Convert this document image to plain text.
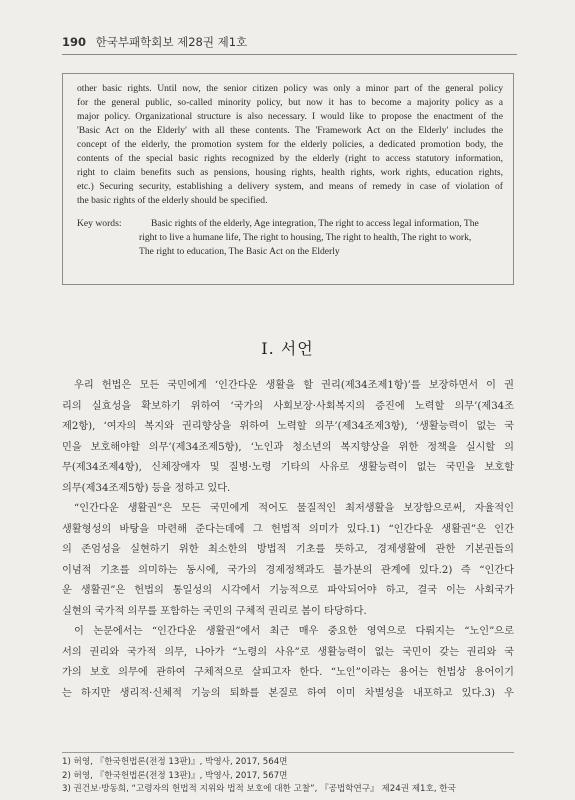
190 한국부패학회보 제28권 제1호

other basic rights. Until now, the senior citizen policy was only a minor part of the general policy
for the general public, so-called minority policy, but now it has to become a majority policy as a
major policy. Organizational structure is also necessary. I would like to propose the enactment of the
'Basic Act on the Elderly' with all these contents. The 'Framework Act on the Elderly' includes the
concept of the elderly, the promotion system for the elderly policies, a dedicated promotion body, the
contents of the special basic rights recognized by the elderly (right to access statutory information,
right to claim benefits such as pensions, housing rights, health rights, work rights, education rights,
etc.) Securing security, establishing a delivery system, and means of remedy in case of violation of
the basic rights of the elderly should be specified.

Key words:	Basic rights of the elderly, Age integration, The right to access legal information, The
right to live a humane life, The right to housing, The right to health, The right to work,
The right to education, The Basic Act on the Elderly
Ⅰ. 서언
우리 헌법은 모든 국민에게 ‘인간다운 생활을 할 권리(제34조제1항)’를 보장하면서 이 권
리의 실효성을 확보하기 위하여 ‘국가의 사회보장·사회복지의 증진에 노력할 의무’(제34조
제2항), ‘여자의 복지와 권리향상을 위하여 노력할 의무’(제34조제3항), ‘생활능력이 없는 국
민을 보호해야할 의무’(제34조제5항), ‘노인과 청소년의 복지향상을 위한 정책을 실시할 의
무(제34조제4항), 신체장애자 및 질병·노령 기타의 사유로 생활능력이 없는 국민을 보호할
의무(제34조제5항) 등을 정하고 있다.
“인간다운 생활권”은 모든 국민에게 적어도 물질적인 최저생활을 보장함으로써, 자율적인
생활형성의 바탕을 마련해 준다는데에 그 헌법적 의미가 있다.1) “인간다운 생활권”은 인간
의 존엄성을 실현하기 위한 최소한의 방법적 기초를 뜻하고, 경제생활에 관한 기본권들의
이념적 기초를 의미하는 동시에, 국가의 경제정책과도 불가분의 관계에 있다.2) 즉 “인간다
운 생활권”은 헌법의 통일성의 시각에서 기능적으로 파악되어야 하고, 결국 이는 사회국가
실현의 국가적 의무를 포함하는 국민의 구체적 권리로 봄이 타당하다.
이 논문에서는 “인간다운 생활권”에서 최근 매우 중요한 영역으로 다뤄지는 “노인”으로
서의 권리와 국가적 의무, 나아가 “노령의 사유”로 생활능력이 없는 국민이 갖는 권리와 국
가의 보호 의무에 관하여 구체적으로 살피고자 한다. “노인”이라는 용어는 헌법상 용어이기
는 하지만 생리적·신체적 기능의 퇴화를 본질로 하여 이미 차별성을 내포하고 있다.3) 우
1) 허영, 『한국헌법론(전정 13판)』, 박영사, 2017, 564면
2) 허영, 『한국헌법론(전정 13판)』, 박영사, 2017, 567면
3) 권건보·방동희, “고령자의 헌법적 지위와 법적 보호에 대한 고찰”, 『공법학연구』 제24권 제1호, 한국
